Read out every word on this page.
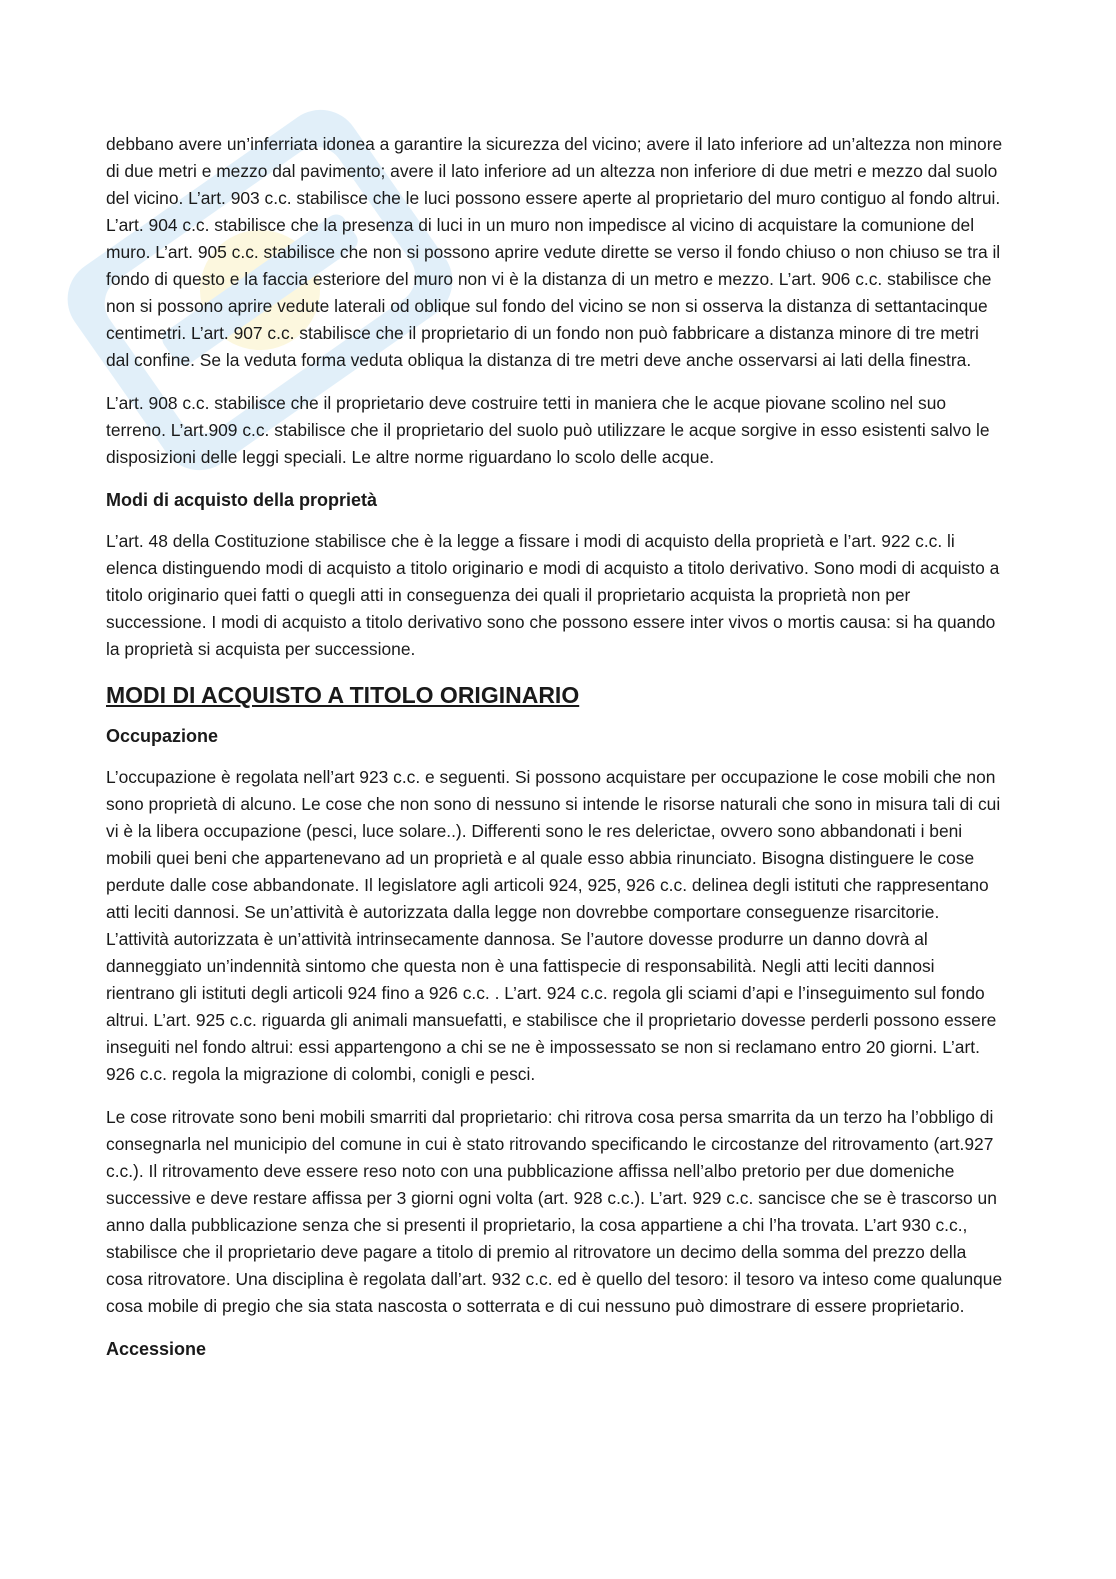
debbano avere un’inferriata idonea a garantire la sicurezza del vicino; avere il lato inferiore ad un’altezza non minore di due metri e mezzo dal pavimento; avere il lato inferiore ad un altezza non inferiore di due metri e mezzo dal suolo del vicino. L’art. 903 c.c. stabilisce che le luci possono essere aperte al proprietario del muro contiguo al fondo altrui. L’art. 904 c.c. stabilisce che la presenza di luci in un muro non impedisce al vicino di acquistare la comunione del muro. L’art. 905 c.c. stabilisce che non si possono aprire vedute dirette se verso il fondo chiuso o non chiuso se tra il fondo di questo e la faccia esteriore del muro non vi è la distanza di un metro e mezzo. L’art. 906 c.c. stabilisce che non si possono aprire vedute laterali od oblique sul fondo del vicino se non si osserva la distanza di settantacinque centimetri. L’art. 907 c.c. stabilisce che il proprietario di un fondo non può fabbricare a distanza minore di tre metri dal confine. Se la veduta forma veduta obliqua la distanza di tre metri deve anche osservarsi ai lati della finestra.

L’art. 908 c.c. stabilisce che il proprietario deve costruire tetti in maniera che le acque piovane scolino nel suo terreno. L’art.909 c.c. stabilisce che il proprietario del suolo può utilizzare le acque sorgive in esso esistenti salvo le disposizioni delle leggi speciali. Le altre norme riguardano lo scolo delle acque.

Modi di acquisto della proprietà

L’art. 48 della Costituzione stabilisce che è la legge a fissare i modi di acquisto della proprietà e l’art. 922 c.c. li elenca distinguendo modi di acquisto a titolo originario e modi di acquisto a titolo derivativo. Sono modi di acquisto a titolo originario quei fatti o quegli atti in conseguenza dei quali il proprietario acquista la proprietà non per successione. I modi di acquisto a titolo derivativo sono che possono essere inter vivos o mortis causa: si ha quando la proprietà si acquista per successione.

MODI DI ACQUISTO A TITOLO ORIGINARIO
Occupazione

L’occupazione è regolata nell’art 923 c.c. e seguenti. Si possono acquistare per occupazione le cose mobili che non sono proprietà di alcuno. Le cose che non sono di nessuno si intende le risorse naturali che sono in misura tali di cui vi è la libera occupazione (pesci, luce solare..). Differenti sono le res delerictae, ovvero sono abbandonati i beni mobili quei beni che appartenevano ad un proprietà e al quale esso abbia rinunciato. Bisogna distinguere le cose perdute dalle cose abbandonate. Il legislatore agli articoli 924, 925, 926 c.c. delinea degli istituti che rappresentano atti leciti dannosi. Se un’attività è autorizzata dalla legge non dovrebbe comportare conseguenze risarcitorie. L’attività autorizzata è un’attività intrinsecamente dannosa. Se l’autore dovesse produrre un danno dovrà al danneggiato un’indennità sintomo che questa non è una fattispecie di responsabilità. Negli atti leciti dannosi rientrano gli istituti degli articoli 924 fino a 926 c.c. . L’art. 924 c.c. regola gli sciami d’api e l’inseguimento sul fondo altrui. L’art. 925 c.c. riguarda gli animali mansuefatti, e stabilisce che il proprietario dovesse perderli possono essere inseguiti nel fondo altrui: essi appartengono a chi se ne è impossessato se non si reclamano entro 20 giorni. L’art. 926 c.c. regola la migrazione di colombi, conigli e pesci.

Le cose ritrovate sono beni mobili smarriti dal proprietario: chi ritrova cosa persa smarrita da un terzo ha l’obbligo di consegnarla nel municipio del comune in cui è stato ritrovando specificando le circostanze del ritrovamento (art.927 c.c.). Il ritrovamento deve essere reso noto con una pubblicazione affissa nell’albo pretorio per due domeniche successive e deve restare affissa per 3 giorni ogni volta (art. 928 c.c.). L’art. 929 c.c. sancisce che se è trascorso un anno dalla pubblicazione senza che si presenti il proprietario, la cosa appartiene a chi l’ha trovata. L’art 930 c.c., stabilisce che il proprietario deve pagare a titolo di premio al ritrovatore un decimo della somma del prezzo della cosa ritrovatore. Una disciplina è regolata dall’art. 932 c.c. ed è quello del tesoro: il tesoro va inteso come qualunque cosa mobile di pregio che sia stata nascosta o sotterrata e di cui nessuno può dimostrare di essere proprietario.

Accessione
